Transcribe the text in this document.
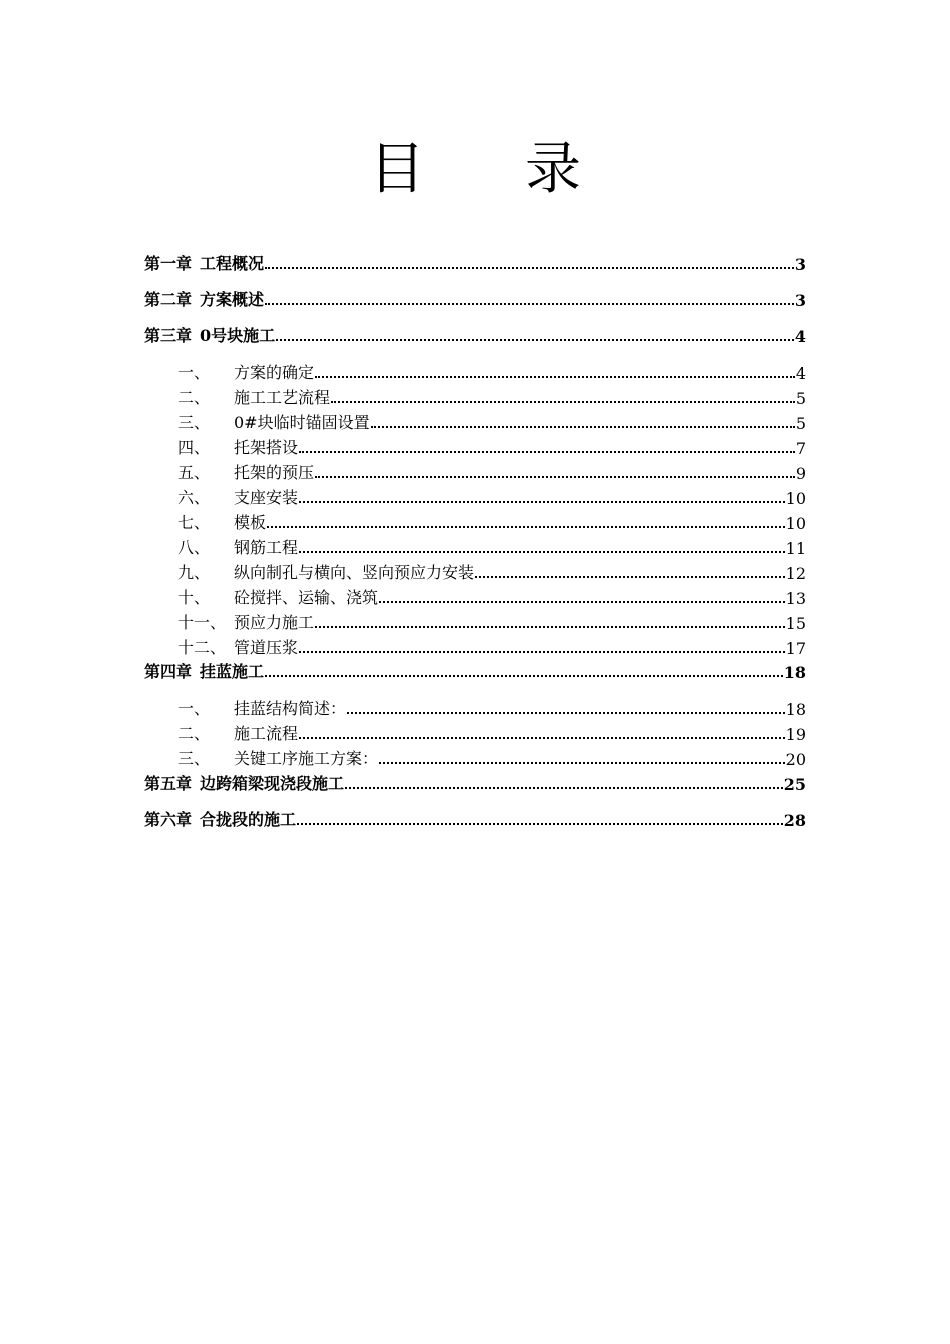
目 录
第一章 工程概况	3
第二章 方案概述	3
第三章 0号块施工	4
一、	方案的确定	4
二、	施工工艺流程	5
三、	0#块临时锚固设置	5
四、	托架搭设	7
五、	托架的预压	9
六、	支座安装	10
七、	模板	10
八、	钢筋工程	11
九、	纵向制孔与横向、竖向预应力安装	12
十、	砼搅拌、运输、浇筑	13
十一、 预应力施工	15
十二、 管道压浆	17
第四章 挂蓝施工	18
一、	挂蓝结构简述：	18
二、	施工流程	19
三、	关键工序施工方案：	20
第五章 边跨箱梁现浇段施工	25
第六章 合拢段的施工	28
